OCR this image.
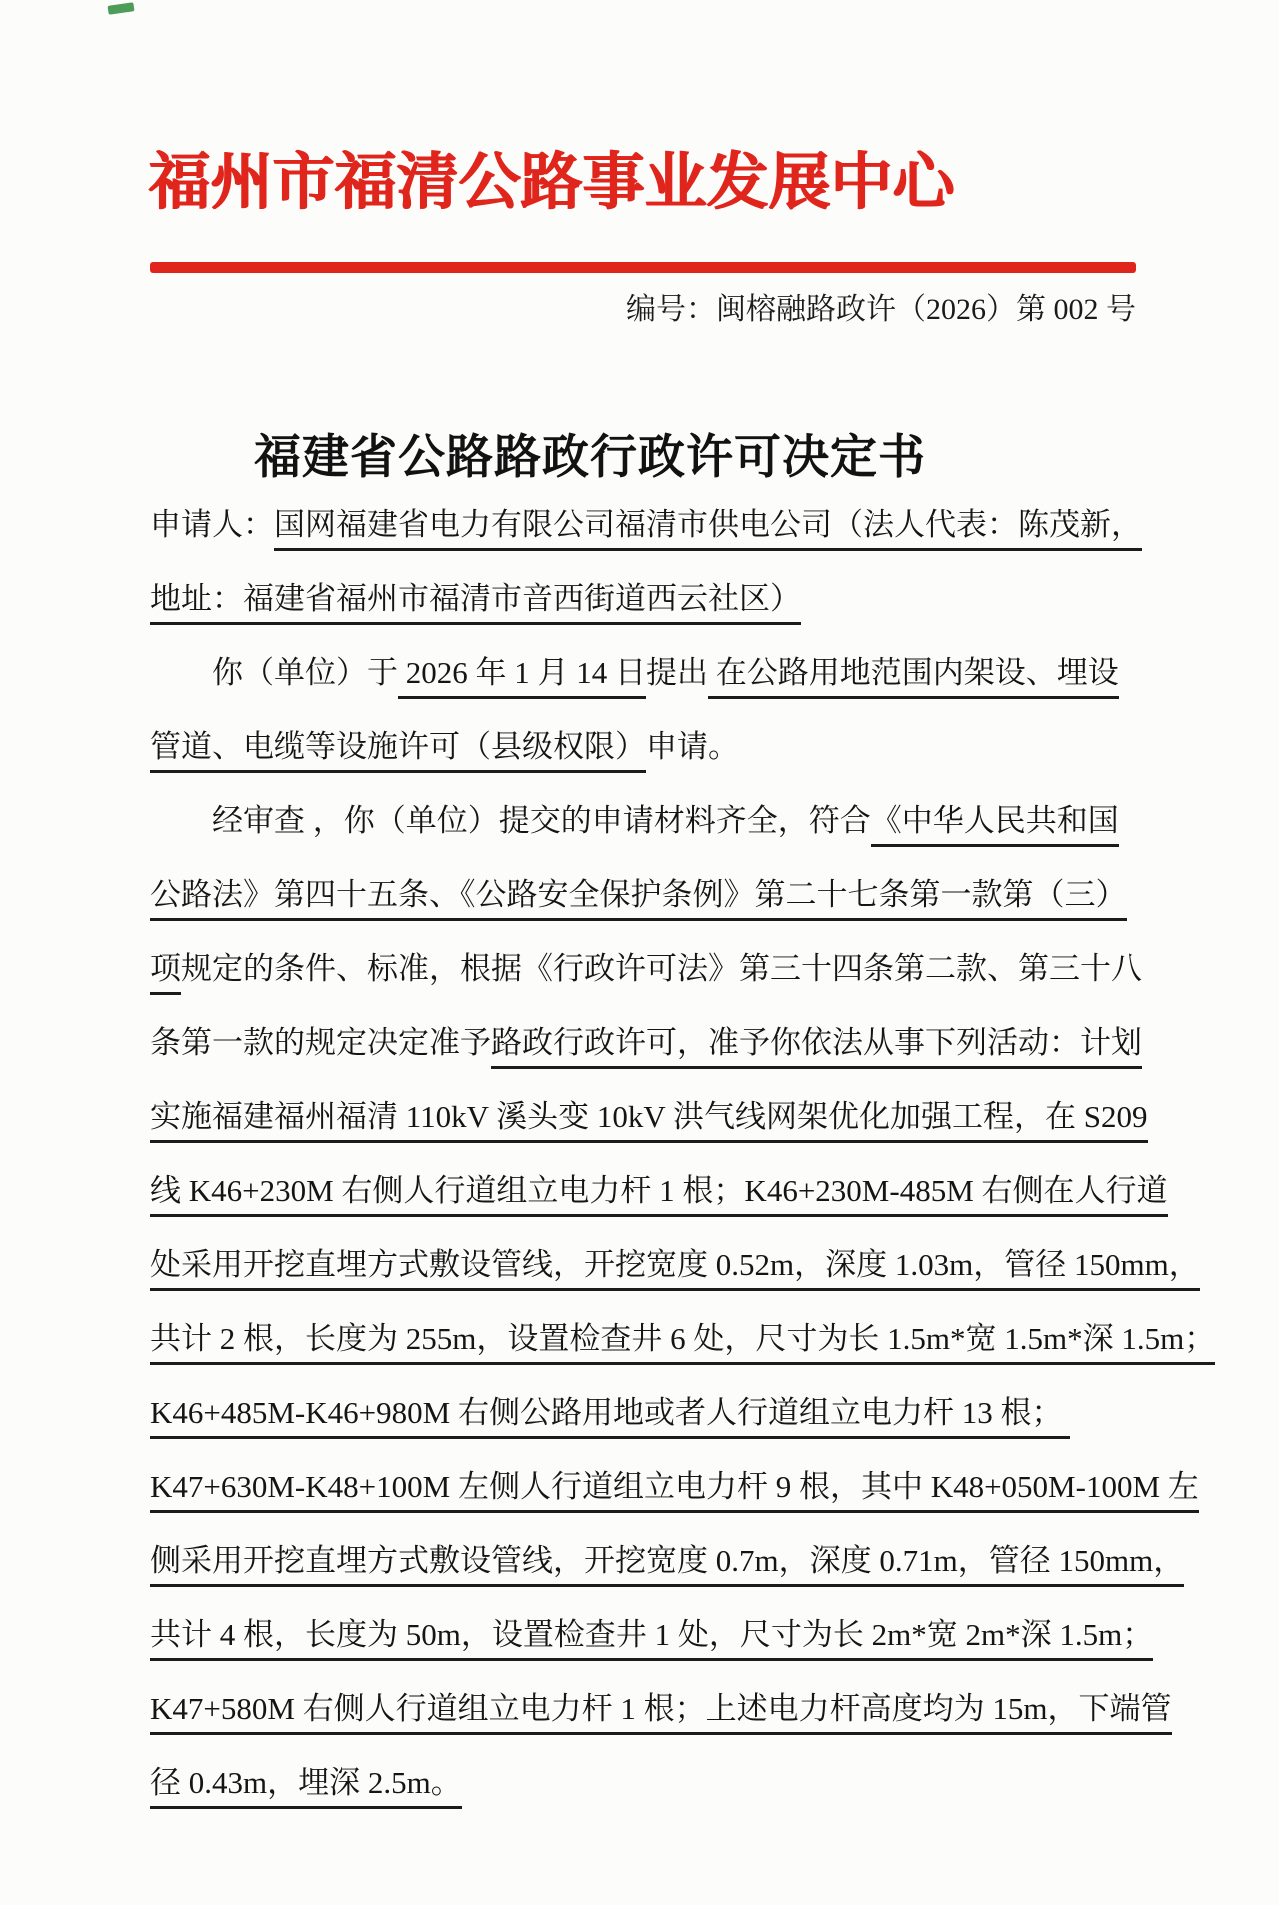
福州市福清公路事业发展中心
编号：闽榕融路政许（2026）第 002 号
福建省公路路政行政许可决定书
申请人：国网福建省电力有限公司福清市供电公司（法人代表：陈茂新，
地址：福建省福州市福清市音西街道西云社区）
你（单位）于 2026 年 1 月 14 日提出 在公路用地范围内架设、埋设
管道、电缆等设施许可（县级权限）申请。
经审查 ，你（单位）提交的申请材料齐全，符合《中华人民共和国
公路法》第四十五条、《公路安全保护条例》第二十七条第一款第（三）
项规定的条件、标准，根据《行政许可法》第三十四条第二款、第三十八
条第一款的规定决定准予路政行政许可，准予你依法从事下列活动：计划
实施福建福州福清 110kV 溪头变 10kV 洪气线网架优化加强工程，在 S209
线 K46+230M 右侧人行道组立电力杆 1 根；K46+230M-485M 右侧在人行道
处采用开挖直埋方式敷设管线，开挖宽度 0.52m，深度 1.03m，管径 150mm，
共计 2 根，长度为 255m，设置检查井 6 处，尺寸为长 1.5m*宽 1.5m*深 1.5m；
K46+485M-K46+980M 右侧公路用地或者人行道组立电力杆 13 根；
K47+630M-K48+100M 左侧人行道组立电力杆 9 根，其中 K48+050M-100M 左
侧采用开挖直埋方式敷设管线，开挖宽度 0.7m，深度 0.71m，管径 150mm，
共计 4 根，长度为 50m，设置检查井 1 处，尺寸为长 2m*宽 2m*深 1.5m；
K47+580M 右侧人行道组立电力杆 1 根；上述电力杆高度均为 15m，下端管
径 0.43m，埋深 2.5m。
